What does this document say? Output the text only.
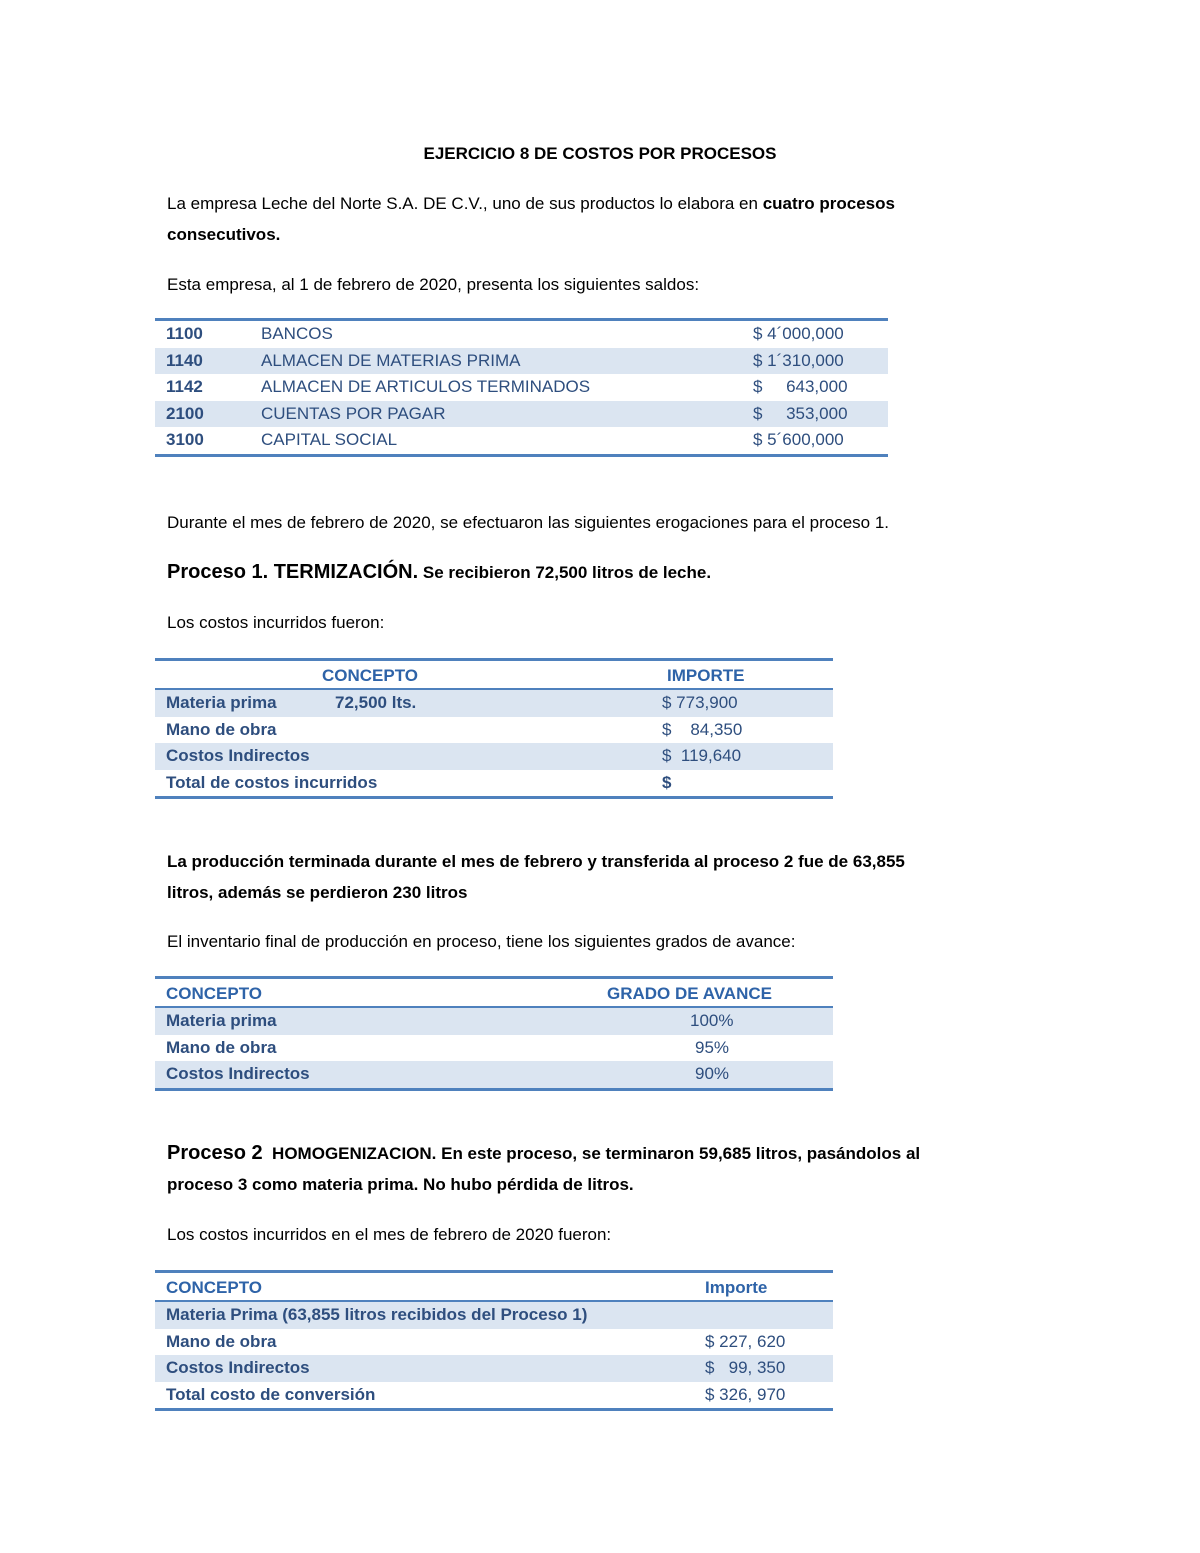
EJERCICIO 8 DE COSTOS POR PROCESOS
La empresa Leche del Norte S.A. DE C.V., uno de sus productos lo elabora en cuatro procesos
consecutivos.
Esta empresa, al 1 de febrero de 2020, presenta los siguientes saldos:
1100	BANCOS	$ 4´000,000
1140	ALMACEN DE MATERIAS PRIMA	$ 1´310,000
1142	ALMACEN DE ARTICULOS TERMINADOS	$     643,000
2100	CUENTAS POR PAGAR	$     353,000
3100	CAPITAL SOCIAL	$ 5´600,000
Durante el mes de febrero de 2020, se efectuaron las siguientes erogaciones para el proceso 1.
Proceso 1. TERMIZACIÓN. Se recibieron 72,500 litros de leche.
Los costos incurridos fueron:
CONCEPTO	IMPORTE
Materia prima	72,500 lts.	$ 773,900
Mano de obra	$    84,350
Costos Indirectos	$  119,640
Total de costos incurridos	$
La producción terminada durante el mes de febrero y transferida al proceso 2 fue de 63,855
litros, además se perdieron 230 litros
El inventario final de producción en proceso, tiene los siguientes grados de avance:
CONCEPTO	GRADO DE AVANCE
Materia prima	100%
Mano de obra	95%
Costos Indirectos	90%
Proceso 2  HOMOGENIZACION. En este proceso, se terminaron 59,685 litros, pasándolos al
proceso 3 como materia prima. No hubo pérdida de litros.
Los costos incurridos en el mes de febrero de 2020 fueron:
CONCEPTO	Importe
Materia Prima (63,855 litros recibidos del Proceso 1)
Mano de obra	$ 227, 620
Costos Indirectos	$   99, 350
Total costo de conversión	$ 326, 970
